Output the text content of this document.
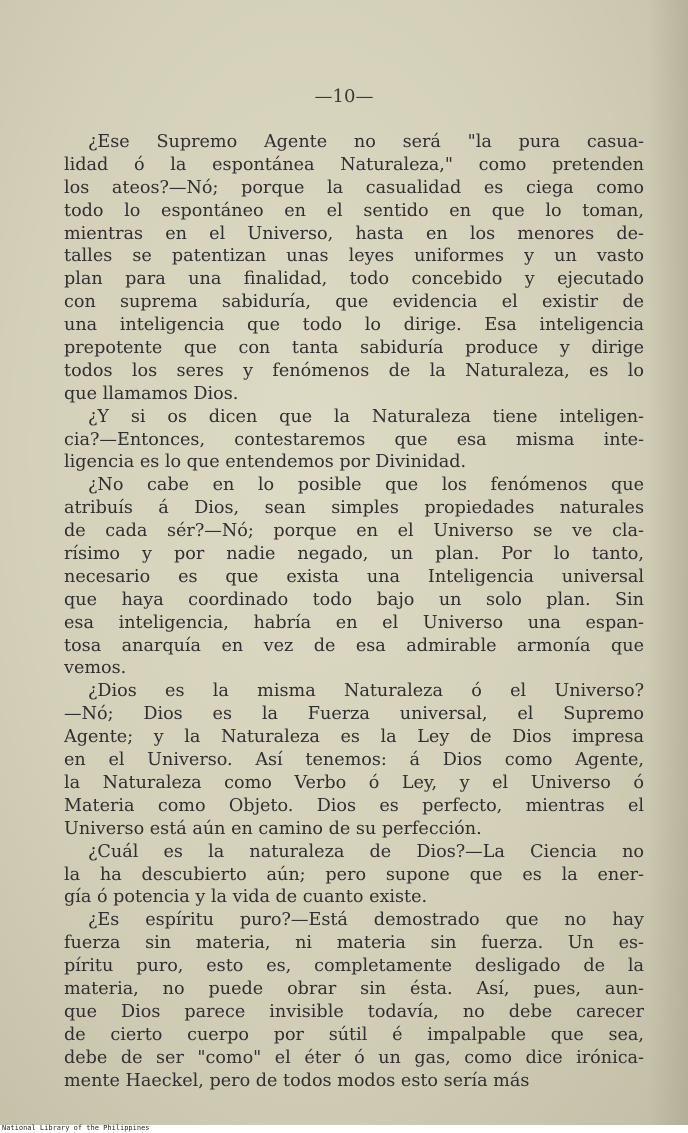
—10—
¿Ese Supremo Agente no será "la pura casua-
lidad ó la espontánea Naturaleza," como pretenden
los ateos?—Nó; porque la casualidad es ciega como
todo lo espontáneo en el sentido en que lo toman,
mientras en el Universo, hasta en los menores de-
talles se patentizan unas leyes uniformes y un vasto
plan para una finalidad, todo concebido y ejecutado
con suprema sabiduría, que evidencia el existir de
una inteligencia que todo lo dirige. Esa inteligencia
prepotente que con tanta sabiduría produce y dirige
todos los seres y fenómenos de la Naturaleza, es lo
que llamamos Dios.
¿Y si os dicen que la Naturaleza tiene inteligen-
cia?—Entonces, contestaremos que esa misma inte-
ligencia es lo que entendemos por Divinidad.
¿No cabe en lo posible que los fenómenos que
atribuís á Dios, sean simples propiedades naturales
de cada sér?—Nó; porque en el Universo se ve cla-
rísimo y por nadie negado, un plan. Por lo tanto,
necesario es que exista una Inteligencia universal
que haya coordinado todo bajo un solo plan. Sin
esa inteligencia, habría en el Universo una espan-
tosa anarquía en vez de esa admirable armonía que
vemos.
¿Dios es la misma Naturaleza ó el Universo?
—Nó; Dios es la Fuerza universal, el Supremo
Agente; y la Naturaleza es la Ley de Dios impresa
en el Universo. Así tenemos: á Dios como Agente,
la Naturaleza como Verbo ó Ley, y el Universo ó
Materia como Objeto. Dios es perfecto, mientras el
Universo está aún en camino de su perfección.
¿Cuál es la naturaleza de Dios?—La Ciencia no
la ha descubierto aún; pero supone que es la ener-
gía ó potencia y la vida de cuanto existe.
¿Es espíritu puro?—Está demostrado que no hay
fuerza sin materia, ni materia sin fuerza. Un es-
píritu puro, esto es, completamente desligado de la
materia, no puede obrar sin ésta. Así, pues, aun-
que Dios parece invisible todavía, no debe carecer
de cierto cuerpo por sútil é impalpable que sea,
debe de ser "como" el éter ó un gas, como dice irónica-
mente Haeckel, pero de todos modos esto sería más
National Library of the Philippines
